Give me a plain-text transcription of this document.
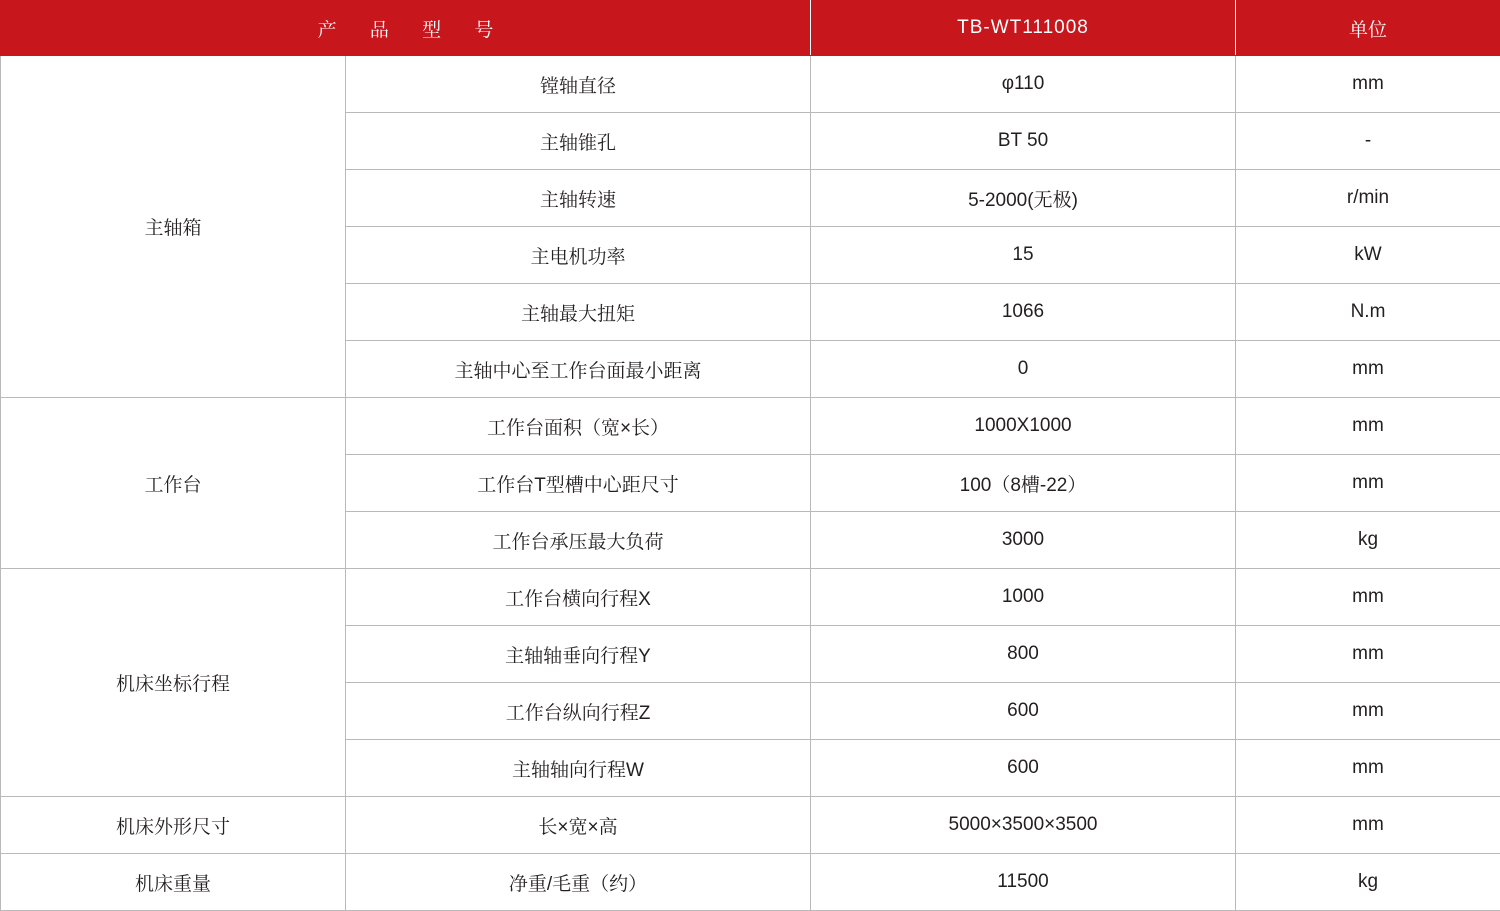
产 品 型 号		TB-WT111008	单位
主轴箱	镗轴直径	φ110	mm
	主轴锥孔	BT 50	-
	主轴转速	5-2000(无极)	r/min
	主电机功率	15	kW
	主轴最大扭矩	1066	N.m
	主轴中心至工作台面最小距离	0	mm
工作台	工作台面积（宽×长）	1000X1000	mm
	工作台T型槽中心距尺寸	100（8槽-22）	mm
	工作台承压最大负荷	3000	kg
机床坐标行程	工作台横向行程X	1000	mm
	主轴轴垂向行程Y	800	mm
	工作台纵向行程Z	600	mm
	主轴轴向行程W	600	mm
机床外形尺寸	长×宽×高	5000×3500×3500	mm
机床重量	净重/毛重（约）	11500	kg
